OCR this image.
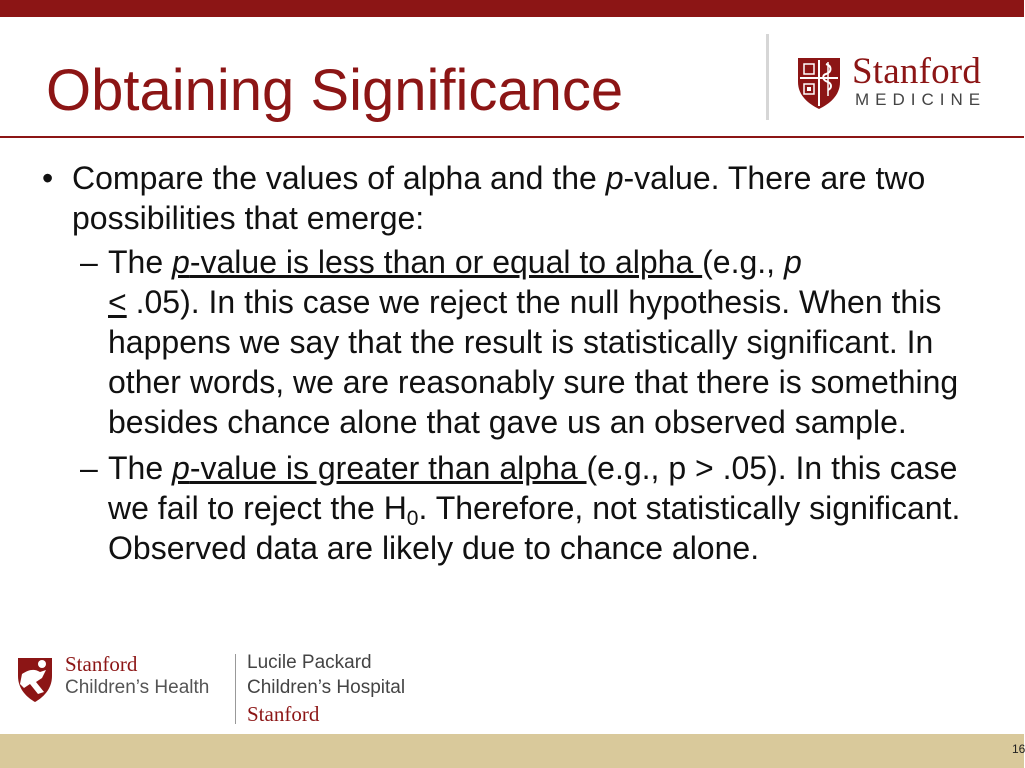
Obtaining Significance	Stanford
MEDICINE

• Compare the values of alpha and the p-value. There are two possibilities that emerge:

– The p-value is less than or equal to alpha (e.g., p
≤ .05). In this case we reject the null hypothesis. When this happens we say that the result is statistically significant. In other words, we are reasonably sure that there is something besides chance alone that gave us an observed sample.

– The p-value is greater than alpha (e.g., p > .05). In this case we fail to reject the $H_0$. Therefore, not statistically significant. Observed data are likely due to chance alone.

Stanford
Children’s Health
Lucile Packard
Children’s Hospital
Stanford
16
